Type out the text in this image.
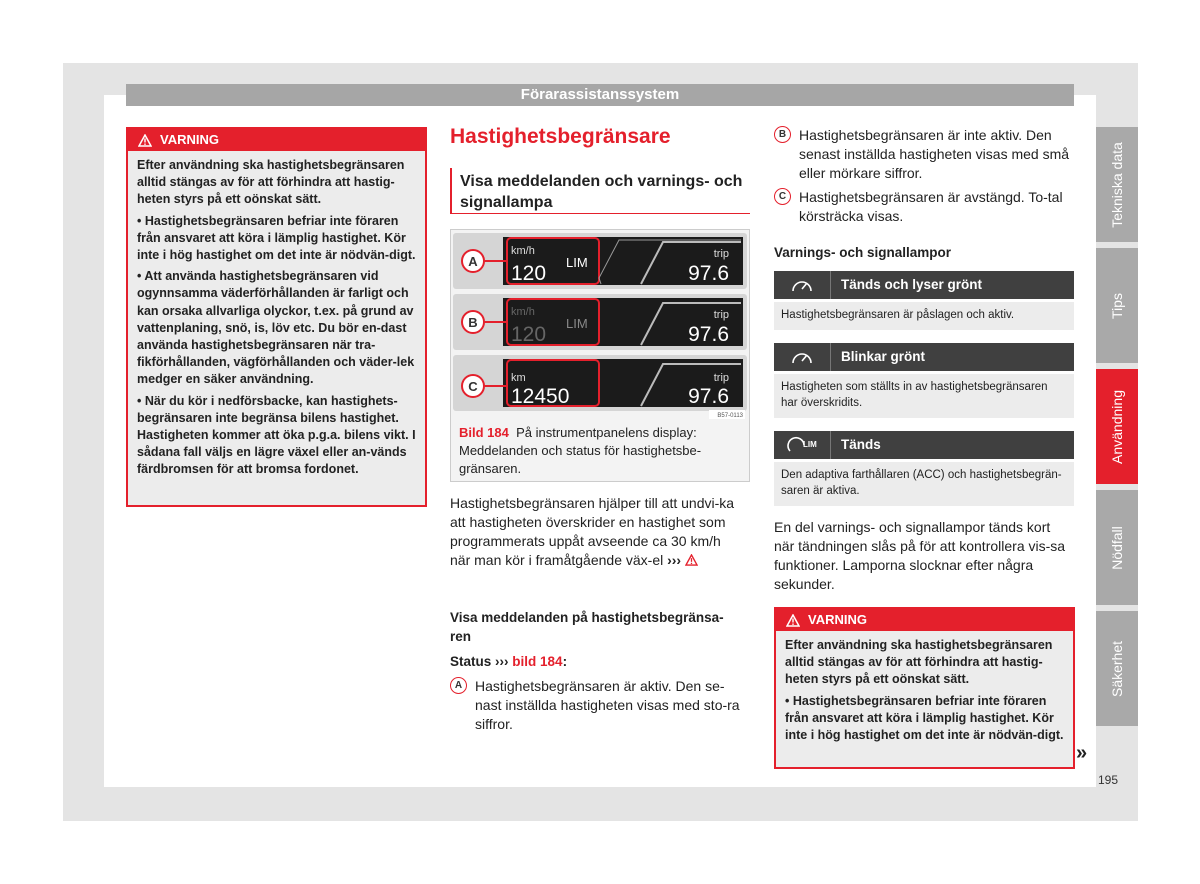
Förarassistanssystem
Tekniska data
Tips
Användning
Nödfall
Säkerhet
195
VARNING

Efter användning ska hastighetsbegränsaren alltid stängas av för att förhindra att hastig-heten styrs på ett oönskat sätt.

• Hastighetsbegränsaren befriar inte föraren från ansvaret att köra i lämplig hastighet. Kör inte i hög hastighet om det inte är nödvän-digt.

• Att använda hastighetsbegränsaren vid ogynnsamma väderförhållanden är farligt och kan orsaka allvarliga olyckor, t.ex. på grund av vattenplaning, snö, is, löv etc. Du bör en-dast använda hastighetsbegränsaren när tra-fikförhållanden, vägförhållanden och väder-lek medger en säker användning.

• När du kör i nedförsbacke, kan hastighets-begränsaren inte begränsa bilens hastighet. Hastigheten kommer att öka p.g.a. bilens vikt. I sådana fall väljs en lägre växel eller an-vänds färdbromsen för att bromsa fordonet.

Hastighetsbegränsare
Visa meddelanden och varnings- och signallampa
A
km/h
120 LIM
trip
97.6
B
km/h
120 LIM
trip
97.6
C
km
12450
trip
97.6
B57-0113
Bild 184 På instrumentpanelens display: Meddelanden och status för hastighetsbe-gränsaren.
Hastighetsbegränsaren hjälper till att undvi-ka att hastigheten överskrider en hastighet som programmerats uppåt avseende ca 30 km/h när man kör i framåtgående väx-el ›››
Visa meddelanden på hastighetsbegränsa-ren
Status ››› bild 184:
A Hastighetsbegränsaren är aktiv. Den se-nast inställda hastigheten visas med sto-ra siffror.
B Hastighetsbegränsaren är inte aktiv. Den senast inställda hastigheten visas med små eller mörkare siffror.
C Hastighetsbegränsaren är avstängd. To-tal körsträcka visas.
Varnings- och signallampor
Tänds och lyser grönt
Hastighetsbegränsaren är påslagen och aktiv.
Blinkar grönt
Hastigheten som ställts in av hastighetsbegränsaren har överskridits.
LIM	Tänds
Den adaptiva farthållaren (ACC) och hastighetsbegrän-saren är aktiva.
En del varnings- och signallampor tänds kort när tändningen slås på för att kontrollera vis-sa funktioner. Lamporna slocknar efter några sekunder.
VARNING

Efter användning ska hastighetsbegränsaren alltid stängas av för att förhindra att hastig-heten styrs på ett oönskat sätt.

• Hastighetsbegränsaren befriar inte föraren från ansvaret att köra i lämplig hastighet. Kör inte i hög hastighet om det inte är nödvän-digt.

»
